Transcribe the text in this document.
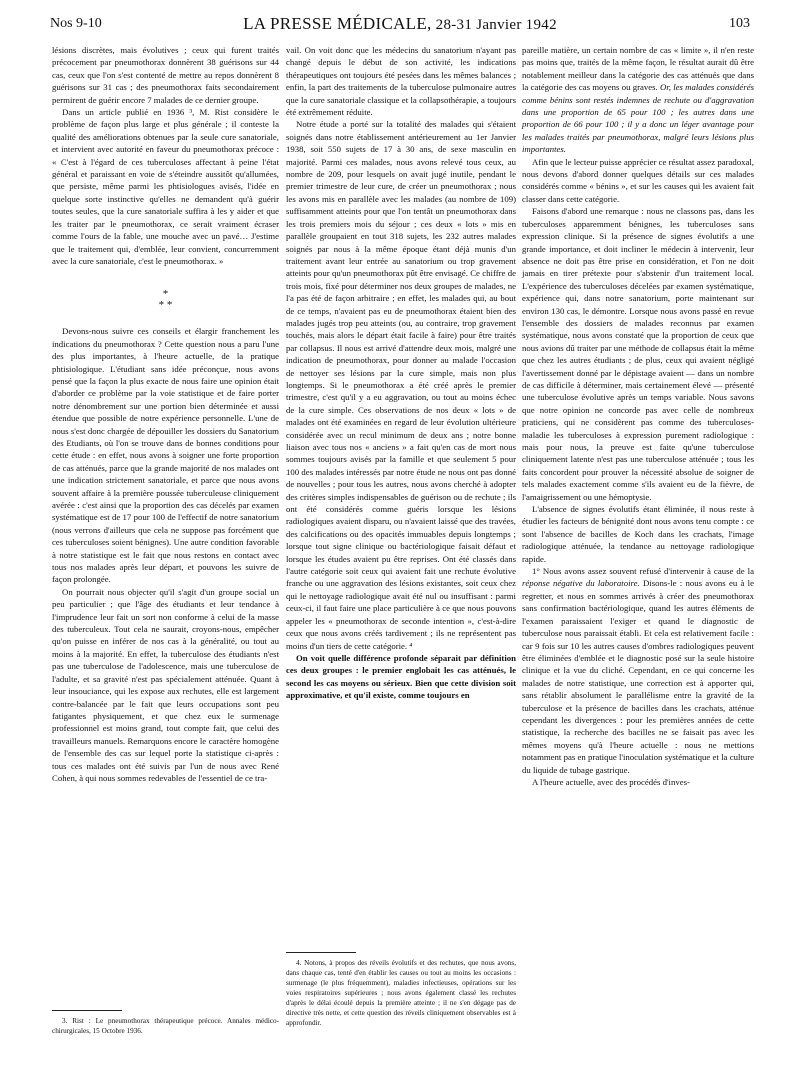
Nos 9-10	LA PRESSE MÉDICALE, 28-31 Janvier 1942	103

lésions discrètes, mais évolutives ; ceux qui furent traités précocement par pneumothorax donnèrent 38 guérisons sur 44 cas, ceux que l'on s'est contenté de mettre au repos donnèrent 8 guérisons sur 31 cas ; des pneumothorax faits secondairement permirent de guérir encore 7 malades de ce dernier groupe.

Dans un article publié en 1936 ³, M. Rist considère le problème de façon plus large et plus générale ; il conteste la qualité des améliorations obtenues par la seule cure sanatoriale, et intervient avec autorité en faveur du pneumothorax précoce : « C'est à l'égard de ces tuberculoses affectant à peine l'état général et paraissant en voie de s'éteindre aussitôt qu'allumées, que persiste, même parmi les phtisiologues avisés, l'idée en quelque sorte instinctive qu'elles ne demandent qu'à guérir toutes seules, que la cure sanatoriale suffira à les y aider et que les traiter par le pneumothorax, ce serait vraiment écraser comme l'ours de la fable, une mouche avec un pavé… J'estime que le traitement qui, d'emblée, leur convient, concurremment avec la cure sanatoriale, c'est le pneumothorax. »

*
* *

Devons-nous suivre ces conseils et élargir franchement les indications du pneumothorax ? Cette question nous a paru l'une des plus importantes, à l'heure actuelle, de la pratique phtisiologique. L'étudiant sans idée préconçue, nous avons pensé que la façon la plus exacte de nous faire une opinion était d'aborder ce problème par la voie statistique et de faire porter notre dénombrement sur une portion bien déterminée et aussi étendue que possible de notre expérience personnelle. L'une de nous s'est donc chargée de dépouiller les dossiers du Sanatorium des Etudiants, où l'on se trouve dans de bonnes conditions pour cette étude : en effet, nous avons à soigner une forte proportion de cas atténués, parce que la grande majorité de nos malades ont une indication strictement sanatoriale, et parce que nous avons souvent affaire à la première poussée tuberculeuse cliniquement avérée : c'est ainsi que la proportion des cas décelés par examen systématique est de 17 pour 100 de l'effectif de notre sanatorium (nous verrons d'ailleurs que cela ne suppose pas forcément que ces tuberculoses soient bénignes). Une autre condition favorable à notre statistique est le fait que nous restons en contact avec tous nos malades après leur départ, et pouvons les suivre de façon prolongée.

On pourrait nous objecter qu'il s'agit d'un groupe social un peu particulier ; que l'âge des étudiants et leur tendance à l'imprudence leur fait un sort non conforme à celui de la masse des tuberculeux. Tout cela ne saurait, croyons-nous, empêcher qu'on puisse en inférer de nos cas à la généralité, ou tout au moins à la majorité. En effet, la tuberculose des étudiants n'est pas une tuberculose de l'adolescence, mais une tuberculose de l'adulte, et sa gravité n'est pas spécialement atténuée. Quant à leur insouciance, qui les expose aux rechutes, elle est largement contre-balancée par le fait que leurs occupations sont peu fatigantes physiquement, et que chez eux le surmenage professionnel est moins grand, tout compte fait, que celui des travailleurs manuels. Remarquons encore le caractère homogène de l'ensemble des cas sur lequel porte la statistique ci-après : tous ces malades ont été suivis par l'un de nous avec René Cohen, à qui nous sommes redevables de l'essentiel de ce tra-

vail. On voit donc que les médecins du sanatorium n'ayant pas changé depuis le début de son activité, les indications thérapeutiques ont toujours été pesées dans les mêmes balances ; enfin, la part des traitements de la tuberculose pulmonaire autres que la cure sanatoriale classique et la collapsothérapie, a toujours été extrêmement réduite.

Notre étude a porté sur la totalité des malades qui s'étaient soignés dans notre établissement antérieurement au 1er Janvier 1938, soit 550 sujets de 17 à 30 ans, de sexe masculin en majorité. Parmi ces malades, nous avons relevé tous ceux, au nombre de 209, pour lesquels on avait jugé inutile, pendant le premier trimestre de leur cure, de créer un pneumothorax ; nous les avons mis en parallèle avec les malades (au nombre de 109) suffisamment atteints pour que l'on tentât un pneumothorax dans les trois premiers mois du séjour ; ces deux « lots » mis en parallèle groupaient en tout 318 sujets, les 232 autres malades soignés par nous à la même époque étant déjà munis d'un traitement avant leur entrée au sanatorium ou trop gravement atteints pour qu'un pneumothorax pût être envisagé. Ce chiffre de trois mois, fixé pour déterminer nos deux groupes de malades, ne l'a pas été de façon arbitraire ; en effet, les malades qui, au bout de ce temps, n'avaient pas eu de pneumothorax étaient bien des malades jugés trop peu atteints (ou, au contraire, trop gravement touchés, mais alors le départ était facile à faire) pour être traités par collapsus. Il nous est arrivé d'attendre deux mois, malgré une indication de pneumothorax, pour donner au malade l'occasion de nettoyer ses lésions par la cure simple, mais non plus longtemps. Si le pneumothorax a été créé après le premier trimestre, c'est qu'il y a eu aggravation, ou tout au moins échec de la cure simple. Ces observations de nos deux « lots » de malades ont été examinées en regard de leur évolution ultérieure considérée avec un recul minimum de deux ans ; notre bonne liaison avec tous nos « anciens » a fait qu'en cas de mort nous sommes toujours avisés par la famille et que seulement 5 pour 100 des malades intéressés par notre étude ne nous ont pas donné de nouvelles ; pour tous les autres, nous avons cherché à adopter des critères simples indispensables de guérison ou de rechute ; ils ont été considérés comme guéris lorsque les lésions radiologiques avaient disparu, ou n'avaient laissé que des travées, des calcifications ou des opacités immuables depuis longtemps ; lorsque tout signe clinique ou bactériologique faisait défaut et lorsque les études avaient pu être reprises. Ont été classés dans l'autre catégorie soit ceux qui avaient fait une rechute évolutive franche ou une aggravation des lésions existantes, soit ceux chez qui le nettoyage radiologique avait été nul ou insuffisant : parmi ceux-ci, il faut faire une place particulière à ce que nous pouvons appeler les « pneumothorax de seconde intention », c'est-à-dire ceux que nous avons créés tardivement ; ils ne représentent pas moins d'un tiers de cette catégorie. ⁴

On voit quelle différence profonde séparait par définition ces deux groupes : le premier englobait les cas atténués, le second les cas moyens ou sérieux. Bien que cette division soit approximative, et qu'il existe, comme toujours en

pareille matière, un certain nombre de cas « limite », il n'en reste pas moins que, traités de la même façon, le résultat aurait dû être notablement meilleur dans la catégorie des cas atténués que dans la catégorie des cas moyens ou graves. Or, les malades considérés comme bénins sont restés indemnes de rechute ou d'aggravation dans une proportion de 65 pour 100 ; les autres dans une proportion de 66 pour 100 ; il y a donc un léger avantage pour les malades traités par pneumothorax, malgré leurs lésions plus importantes.

Afin que le lecteur puisse apprécier ce résultat assez paradoxal, nous devons d'abord donner quelques détails sur ces malades considérés comme « bénins », et sur les causes qui les avaient fait classer dans cette catégorie.

Faisons d'abord une remarque : nous ne classons pas, dans les tuberculoses apparemment bénignes, les tuberculoses sans expression clinique. Si la présence de signes évolutifs a une grande importance, et doit incliner le médecin à intervenir, leur absence ne doit pas être prise en considération, et l'on ne doit jamais en tirer prétexte pour s'abstenir d'un traitement local. L'expérience des tuberculoses décelées par examen systématique, expérience qui, dans notre sanatorium, porte maintenant sur environ 130 cas, le démontre. Lorsque nous avons passé en revue l'ensemble des dossiers de malades reconnus par examen systématique, nous avons constaté que la proportion de ceux que nous avions dû traiter par une méthode de collapsus était la même que chez les autres étudiants ; de plus, ceux qui avaient négligé l'avertissement donné par le dépistage avaient — dans un nombre de cas difficile à déterminer, mais certainement élevé — présenté une tuberculose évolutive après un temps variable. Nous savons que notre opinion ne concorde pas avec celle de nombreux praticiens, qui ne considèrent pas comme des tuberculoses-maladie les tuberculoses à expression purement radiologique : mais pour nous, la preuve est faite qu'une tuberculose cliniquement latente n'est pas une tuberculose atténuée ; tous les faits concordent pour prouver la nécessité absolue de soigner de tels malades exactement comme s'ils avaient eu de la fièvre, de l'amaigrissement ou une hémoptysie.

L'absence de signes évolutifs étant éliminée, il nous reste à étudier les facteurs de bénignité dont nous avons tenu compte : ce sont l'absence de bacilles de Koch dans les crachats, l'image radiologique atténuée, la tendance au nettoyage radiologique rapide.

1° Nous avons assez souvent refusé d'intervenir à cause de la réponse négative du laboratoire. Disons-le : nous avons eu à le regretter, et nous en sommes arrivés à créer des pneumothorax sans confirmation bactériologique, quand les autres éléments de l'examen paraissaient l'exiger et quand le diagnostic de tuberculose nous paraissait établi. Et cela est relativement facile : car 9 fois sur 10 les autres causes d'ombres radiologiques peuvent être éliminées d'emblée et le diagnostic posé sur la seule histoire clinique et la vue du cliché. Cependant, en ce qui concerne les malades de notre statistique, une correction est à apporter qui, sans rétablir absolument le parallélisme entre la gravité de la tuberculose et la présence de bacilles dans les crachats, atténue cependant les divergences : pour les premières années de cette statistique, la recherche des bacilles ne se faisait pas avec les mêmes moyens qu'à l'heure actuelle : nous ne mettions notamment pas en pratique l'inoculation systématique et la culture du liquide de tubage gastrique.

A l'heure actuelle, avec des procédés d'inves-

4. Notons, à propos des réveils évolutifs et des rechutes, que nous avons, dans chaque cas, tenté d'en établir les causes ou tout au moins les occasions : surmenage (le plus fréquemment), maladies infectieuses, opérations sur les voies respiratoires supérieures ; nous avons également classé les rechutes d'après le délai écoulé depuis la première atteinte ; il ne s'en dégage pas de directive très nette, et cette question des réveils cliniquement observables est à approfondir.

3. Rist : Le pneumothorax thérapeutique précoce. Annales médico-chirurgicales, 15 Octobre 1936.
